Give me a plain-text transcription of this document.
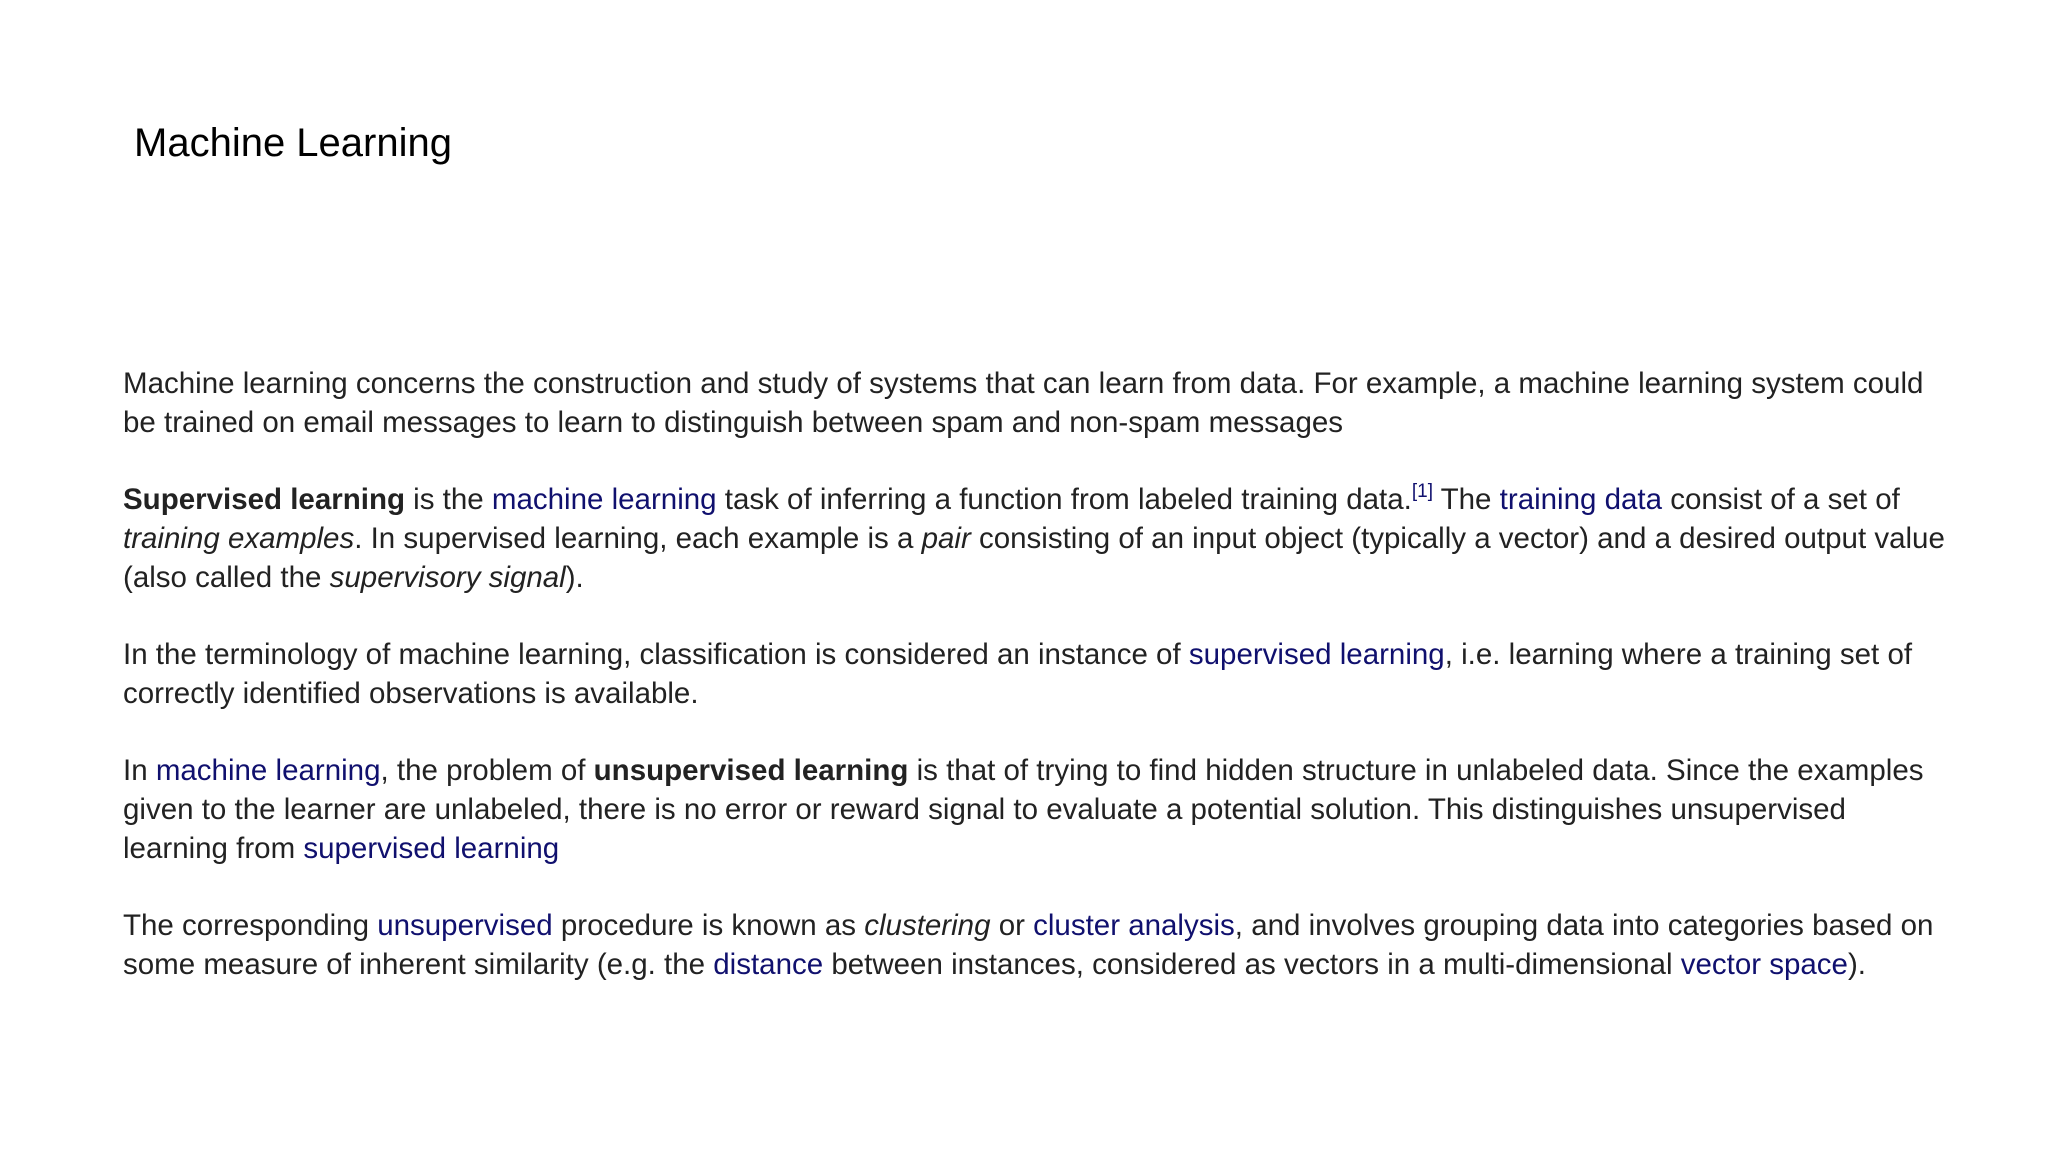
Machine Learning

Machine learning concerns the construction and study of systems that can learn from data. For example, a machine learning system could be trained on email messages to learn to distinguish between spam and non-spam messages

Supervised learning is the machine learning task of inferring a function from labeled training data.[1] The training data consist of a set of training examples. In supervised learning, each example is a pair consisting of an input object (typically a vector) and a desired output value (also called the supervisory signal).

In the terminology of machine learning, classification is considered an instance of supervised learning, i.e. learning where a training set of correctly identified observations is available.

In machine learning, the problem of unsupervised learning is that of trying to find hidden structure in unlabeled data. Since the examples given to the learner are unlabeled, there is no error or reward signal to evaluate a potential solution. This distinguishes unsupervised learning from supervised learning

The corresponding unsupervised procedure is known as clustering or cluster analysis, and involves grouping data into categories based on some measure of inherent similarity (e.g. the distance between instances, considered as vectors in a multi-dimensional vector space).
